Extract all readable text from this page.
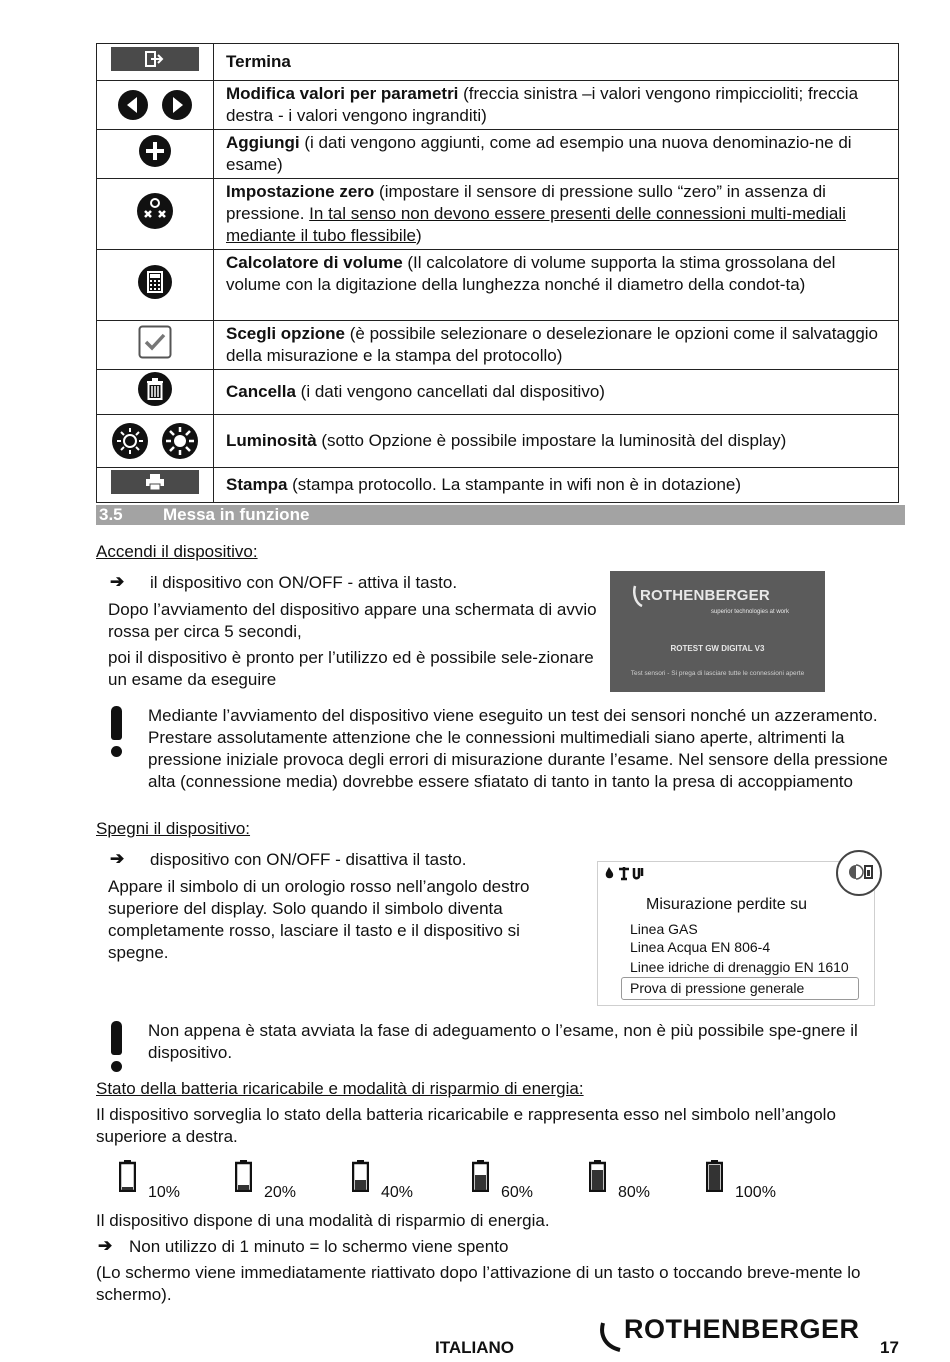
	Termina

	Modifica valori per parametri (freccia sinistra –i valori vengono rimpiccioliti; freccia destra - i valori vengono ingranditi)
	Aggiungi (i dati vengono aggiunti, come ad esempio una nuova denominazio-ne di esame)
	Impostazione zero (impostare il sensore di pressione sullo “zero” in assenza di pressione. In tal senso non devono essere presenti delle connessioni multi-mediali mediante il tubo flessibile)
	Calcolatore di volume (Il calcolatore di volume supporta la stima grossolana del volume con la digitazione della lunghezza nonché il diametro della condot-ta)
	Scegli opzione (è possibile selezionare o deselezionare le opzioni come il salvataggio della misurazione e la stampa del protocollo)
	Cancella (i dati vengono cancellati dal dispositivo)

	Luminosità (sotto Opzione è possibile impostare la luminosità del display)

	Stampa (stampa protocollo. La stampante in wifi non è in dotazione)
3.5 Messa in funzione
Accendi il dispositivo:
➔ il dispositivo con ON/OFF - attiva il tasto.
Dopo l’avviamento del dispositivo appare una schermata di avvio rossa per circa 5 secondi,
poi il dispositivo è pronto per l’utilizzo ed è possibile sele-zionare un esame da eseguire
ROTHENBERGER
superior technologies at work
ROTEST GW DIGITAL V3
Test sensori - Si prega di lasciare tutte le connessioni aperte
Mediante l’avviamento del dispositivo viene eseguito un test dei sensori nonché un azzeramento. Prestare assolutamente attenzione che le connessioni multimediali siano aperte, altrimenti la pressione iniziale provoca degli errori di misurazione durante l’esame. Nel sensore della pressione alta (connessione media) dovrebbe essere sfiatato di tanto in tanto la presa di accoppiamento
Spegni il dispositivo:
➔ dispositivo con ON/OFF - disattiva il tasto.
Appare il simbolo di un orologio rosso nell’angolo destro superiore del display. Solo quando il simbolo diventa completamente rosso, lasciare il tasto e il dispositivo si spegne.
Misurazione perdite su
Linea GAS
Linea Acqua EN 806-4
Linee idriche di drenaggio EN 1610
Prova di pressione generale
Non appena è stata avviata la fase di adeguamento o l’esame, non è più possibile spe-gnere il dispositivo.
Stato della batteria ricaricabile e modalità di risparmio di energia:
Il dispositivo sorveglia lo stato della batteria ricaricabile e rappresenta esso nel simbolo nell’angolo superiore a destra.
10%	20%	40%	60%	80%	100%
Il dispositivo dispone di una modalità di risparmio di energia.
➔ Non utilizzo di 1 minuto = lo schermo viene spento
(Lo schermo viene immediatamente riattivato dopo l’attivazione di un tasto o toccando breve-mente lo schermo).
ITALIANO
ROTHENBERGER
17
